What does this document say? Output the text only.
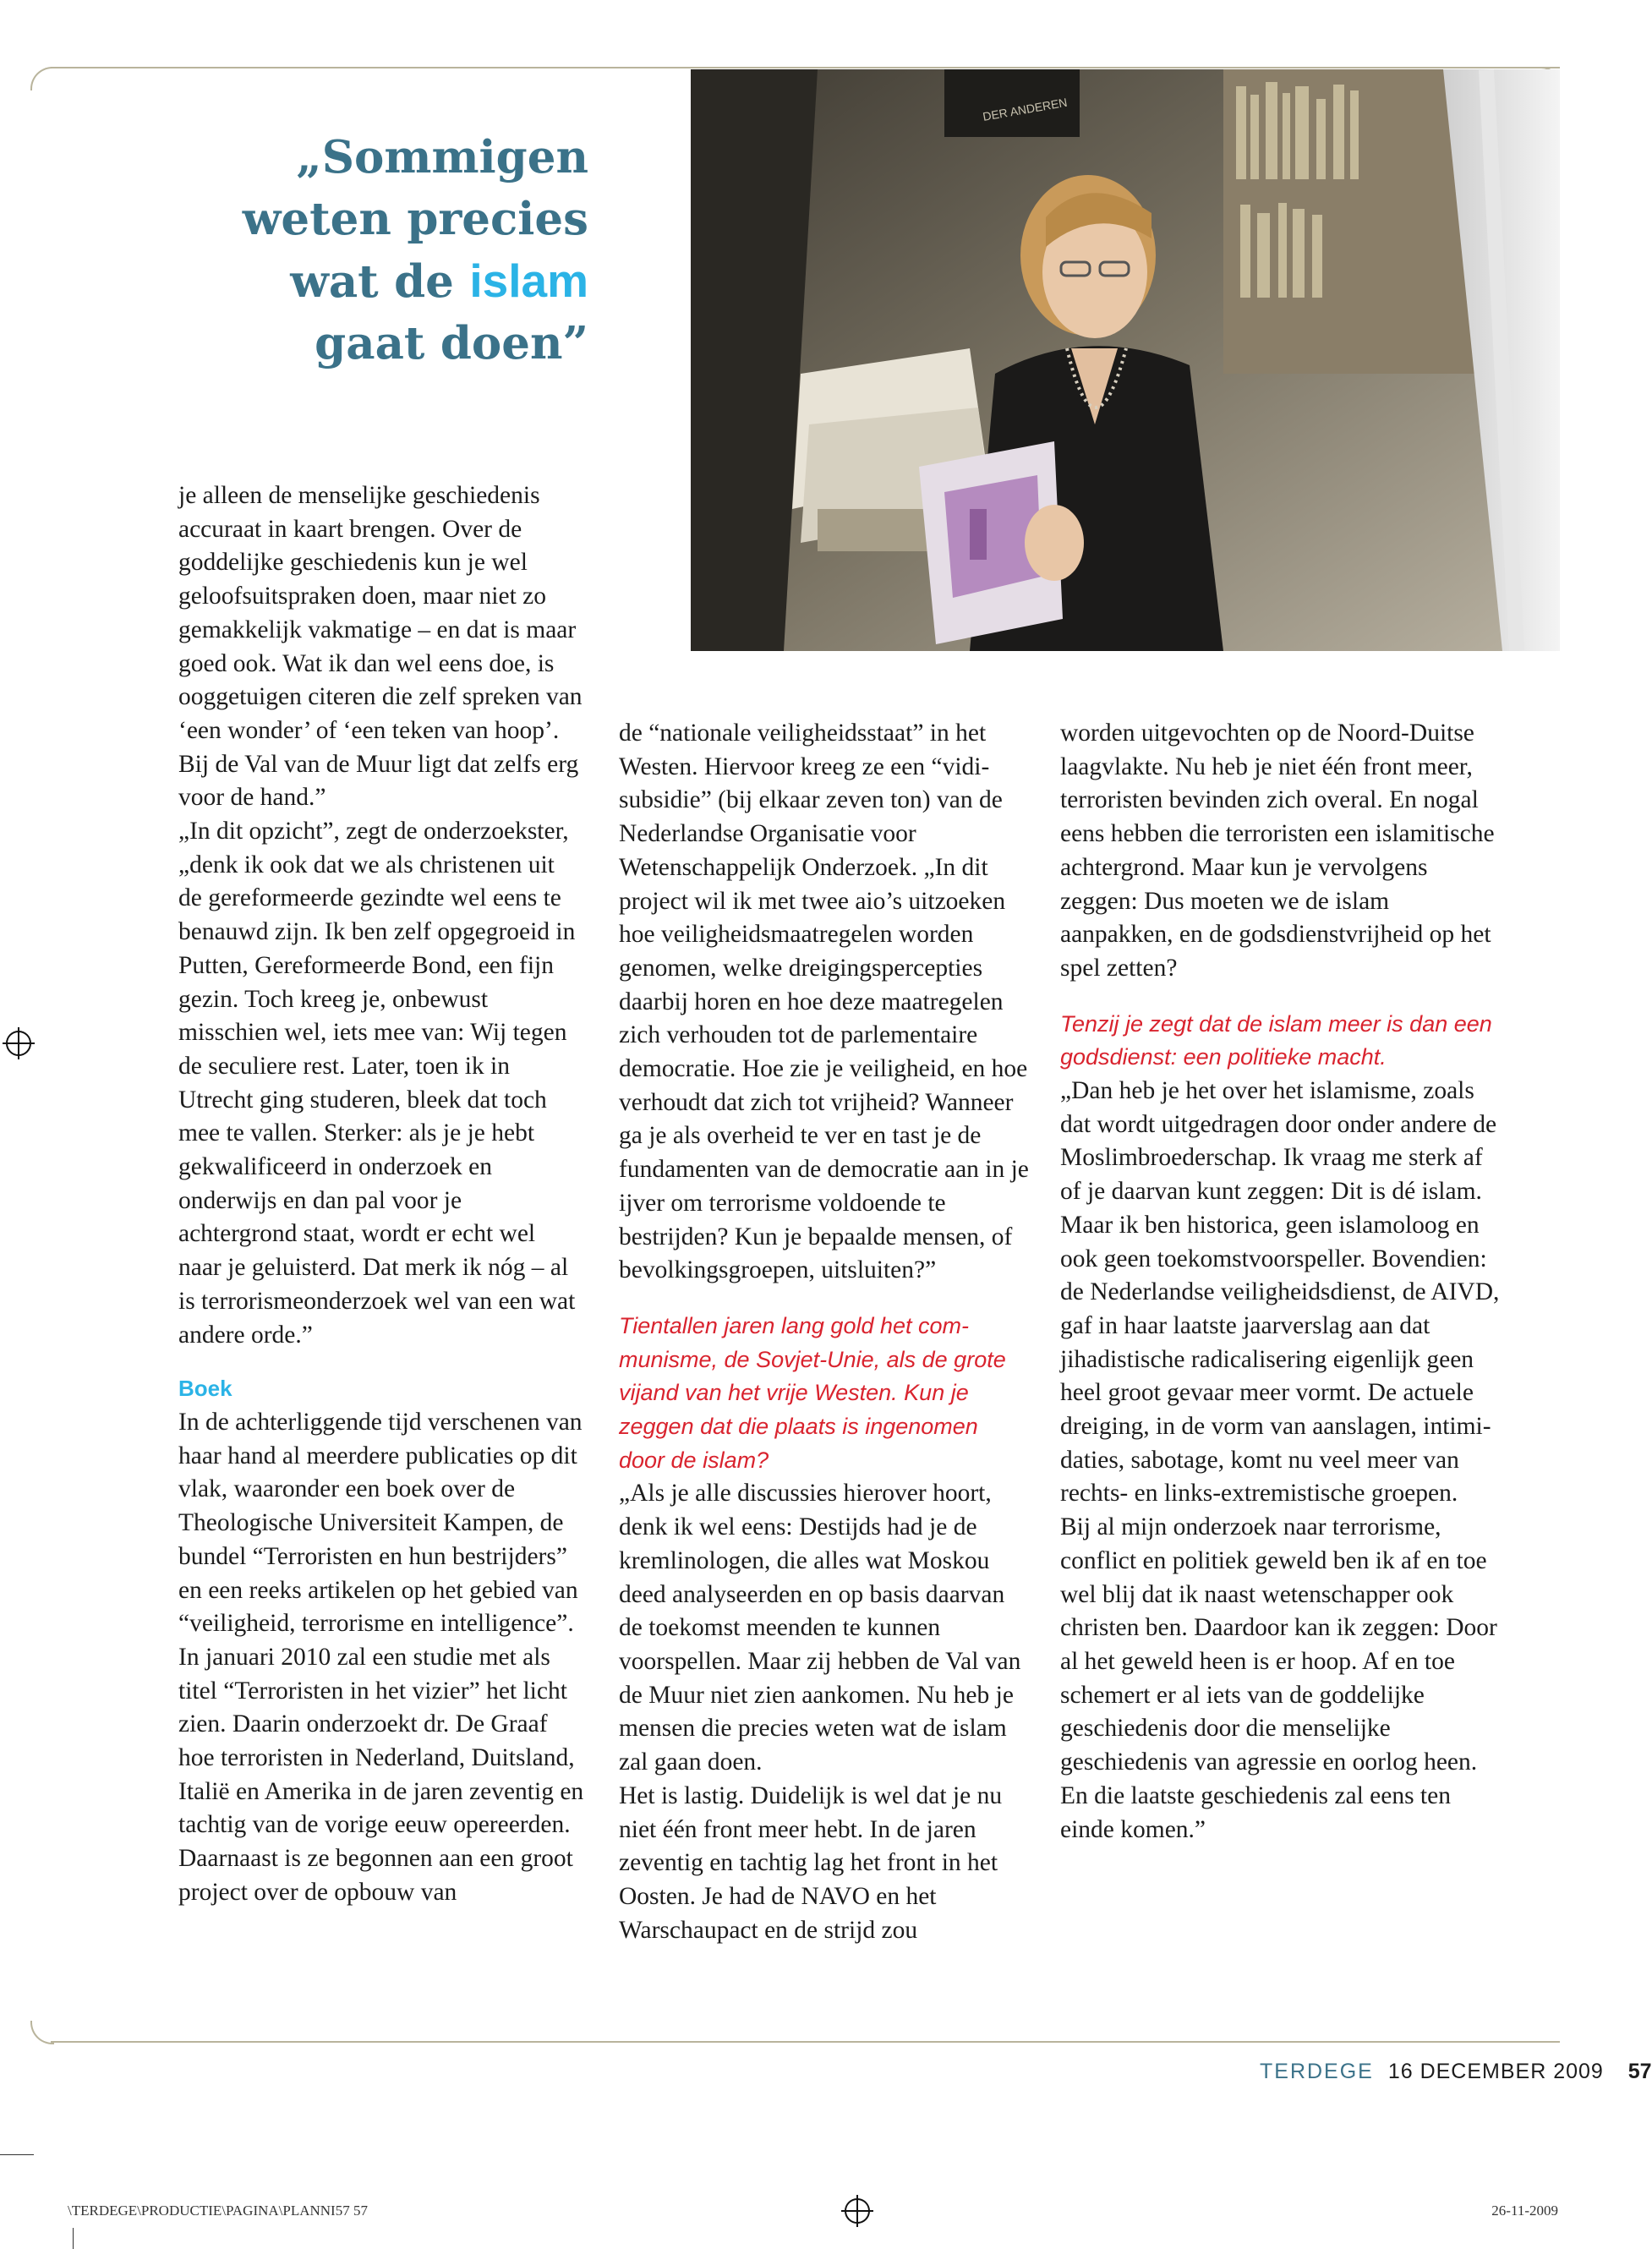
„Sommigen
weten precies
wat de islam
gaat doen”
DER ANDEREN

je alleen de menselijke geschiedenis accuraat in kaart brengen. Over de goddelijke geschiedenis kun je wel geloofsuitspraken doen, maar niet zo gemakkelijk vakmatige – en dat is maar goed ook. Wat ik dan wel eens doe, is ooggetuigen citeren die zelf spreken van ‘een wonder’ of ‘een teken van hoop’. Bij de Val van de Muur ligt dat zelfs erg voor de hand.”

„In dit opzicht”, zegt de onderzoekster, „denk ik ook dat we als christenen uit de gereformeerde gezindte wel eens te benauwd zijn. Ik ben zelf opgegroeid in Putten, Gereformeerde Bond, een fijn gezin. Toch kreeg je, onbewust misschien wel, iets mee van: Wij tegen de seculiere rest. Later, toen ik in Utrecht ging studeren, bleek dat toch mee te vallen. Sterker: als je je hebt gekwalificeerd in onderzoek en onderwijs en dan pal voor je achtergrond staat, wordt er echt wel naar je geluisterd. Dat merk ik nóg – al is terrorismeonderzoek wel van een wat andere orde.”

Boek

In de achterliggende tijd verschenen van haar hand al meerdere publicaties op dit vlak, waaronder een boek over de Theologische Universiteit Kampen, de bundel “Terroristen en hun bestrijders” en een reeks artikelen op het gebied van “veiligheid, terrorisme en intelligence”.

In januari 2010 zal een studie met als titel “Terroristen in het vizier” het licht zien. Daarin onderzoekt dr. De Graaf hoe terroristen in Nederland, Duitsland, Italië en Amerika in de jaren zeventig en tachtig van de vorige eeuw opereerden.

Daarnaast is ze begonnen aan een groot project over de opbouw van

de “nationale veiligheidsstaat” in het Westen. Hiervoor kreeg ze een “vidi-subsidie” (bij elkaar zeven ton) van de Nederlandse Organisatie voor Wetenschappelijk Onderzoek. „In dit project wil ik met twee aio’s uitzoeken hoe veiligheidsmaatregelen worden genomen, welke dreigingspercepties daarbij horen en hoe deze maatregelen zich verhouden tot de parlementaire democratie. Hoe zie je veiligheid, en hoe verhoudt dat zich tot vrijheid? Wanneer ga je als overheid te ver en tast je de fundamenten van de democratie aan in je ijver om terrorisme voldoende te bestrijden? Kun je bepaalde mensen, of bevolkingsgroepen, uitsluiten?”

Tientallen jaren lang gold het communisme, de Sovjet-Unie, als de grote vijand van het vrije Westen. Kun je zeggen dat die plaats is ingenomen door de islam?

„Als je alle discussies hierover hoort, denk ik wel eens: Destijds had je de kremlinologen, die alles wat Moskou deed analyseerden en op basis daarvan de toekomst meenden te kunnen voorspellen. Maar zij hebben de Val van de Muur niet zien aankomen. Nu heb je mensen die precies weten wat de islam zal gaan doen.

Het is lastig. Duidelijk is wel dat je nu niet één front meer hebt. In de jaren zeventig en tachtig lag het front in het Oosten. Je had de NAVO en het Warschaupact en de strijd zou

worden uitgevochten op de Noord-Duitse laagvlakte. Nu heb je niet één front meer, terroristen bevinden zich overal. En nogal eens hebben die terroristen een islamitische achtergrond. Maar kun je vervolgens zeggen: Dus moeten we de islam aanpakken, en de godsdienstvrijheid op het spel zetten?

Tenzij je zegt dat de islam meer is dan een godsdienst: een politieke macht.

„Dan heb je het over het islamisme, zoals dat wordt uitgedragen door onder andere de Moslimbroederschap. Ik vraag me sterk af of je daarvan kunt zeggen: Dit is dé islam. Maar ik ben historica, geen islamoloog en ook geen toekomstvoorspeller. Bovendien: de Nederlandse veiligheidsdienst, de AIVD, gaf in haar laatste jaarverslag aan dat jihadistische radicalisering eigenlijk geen heel groot gevaar meer vormt. De actuele dreiging, in de vorm van aanslagen, intimidaties, sabotage, komt nu veel meer van rechts- en links-extremistische groepen.

Bij al mijn onderzoek naar terrorisme, conflict en politiek geweld ben ik af en toe wel blij dat ik naast wetenschapper ook christen ben. Daardoor kan ik zeggen: Door al het geweld heen is er hoop. Af en toe schemert er al iets van de goddelijke geschiedenis door die menselijke geschiedenis van agressie en oorlog heen. En die laatste geschiedenis zal eens ten einde komen.”

TERDEGE 16 DECEMBER 2009 57
\TERDEGE\PRODUCTIE\PAGINA\PLANNI57 57	26-11-2009
